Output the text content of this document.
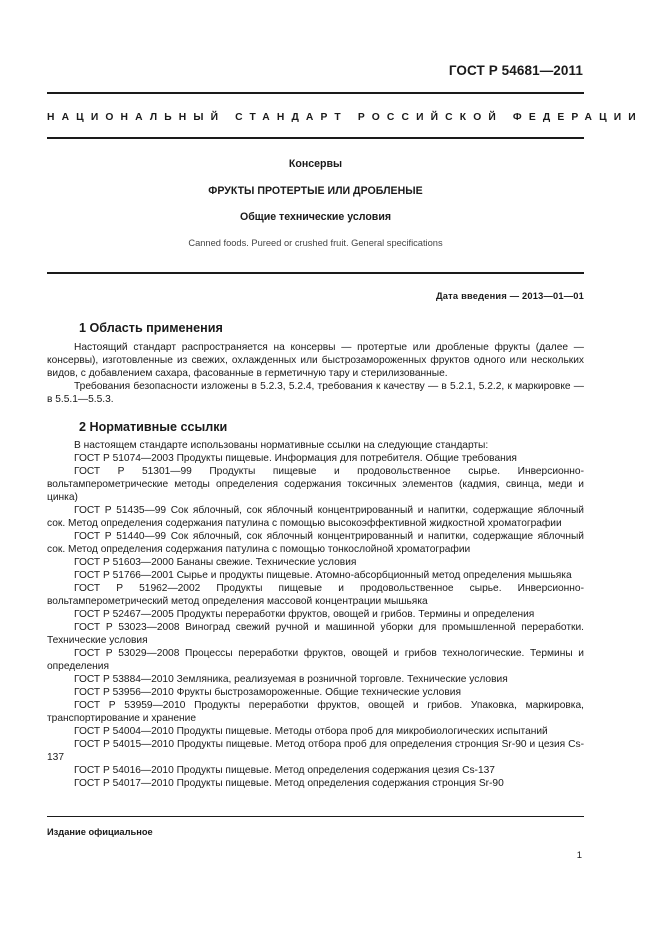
ГОСТ Р 54681—2011
НАЦИОНАЛЬНЫЙ СТАНДАРТ РОССИЙСКОЙ ФЕДЕРАЦИИ
Консервы
ФРУКТЫ ПРОТЕРТЫЕ ИЛИ ДРОБЛЕНЫЕ
Общие технические условия
Canned foods. Pureed or crushed fruit. General specifications
Дата введения — 2013—01—01
1 Область применения

Настоящий стандарт распространяется на консервы — протертые или дробленые фрукты (далее — консервы), изготовленные из свежих, охлажденных или быстрозамороженных фруктов одного или нескольких видов, с добавлением сахара, фасованные в герметичную тару и стерилизованные.

Требования безопасности изложены в 5.2.3, 5.2.4, требования к качеству — в 5.2.1, 5.2.2, к маркировке — в 5.5.1—5.5.3.

2 Нормативные ссылки

В настоящем стандарте использованы нормативные ссылки на следующие стандарты:

ГОСТ Р 51074—2003 Продукты пищевые. Информация для потребителя. Общие требования

ГОСТ Р 51301—99 Продукты пищевые и продовольственное сырье. Инверсионно-вольтамперометрические методы определения содержания токсичных элементов (кадмия, свинца, меди и цинка)

ГОСТ Р 51435—99 Сок яблочный, сок яблочный концентрированный и напитки, содержащие яблочный сок. Метод определения содержания патулина с помощью высокоэффективной жидкостной хроматографии

ГОСТ Р 51440—99 Сок яблочный, сок яблочный концентрированный и напитки, содержащие яблочный сок. Метод определения содержания патулина с помощью тонкослойной хроматографии

ГОСТ Р 51603—2000 Бананы свежие. Технические условия

ГОСТ Р 51766—2001 Сырье и продукты пищевые. Атомно-абсорбционный метод определения мышьяка

ГОСТ Р 51962—2002 Продукты пищевые и продовольственное сырье. Инверсионно-вольтамперометрический метод определения массовой концентрации мышьяка

ГОСТ Р 52467—2005 Продукты переработки фруктов, овощей и грибов. Термины и определения

ГОСТ Р 53023—2008 Виноград свежий ручной и машинной уборки для промышленной переработки. Технические условия

ГОСТ Р 53029—2008 Процессы переработки фруктов, овощей и грибов технологические. Термины и определения

ГОСТ Р 53884—2010 Земляника, реализуемая в розничной торговле. Технические условия

ГОСТ Р 53956—2010 Фрукты быстрозамороженные. Общие технические условия

ГОСТ Р 53959—2010 Продукты переработки фруктов, овощей и грибов. Упаковка, маркировка, транспортирование и хранение

ГОСТ Р 54004—2010 Продукты пищевые. Методы отбора проб для микробиологических испытаний

ГОСТ Р 54015—2010 Продукты пищевые. Метод отбора проб для определения стронция Sr-90 и цезия Cs-137

ГОСТ Р 54016—2010 Продукты пищевые. Метод определения содержания цезия Cs-137

ГОСТ Р 54017—2010 Продукты пищевые. Метод определения содержания стронция Sr-90

Издание официальное
1
